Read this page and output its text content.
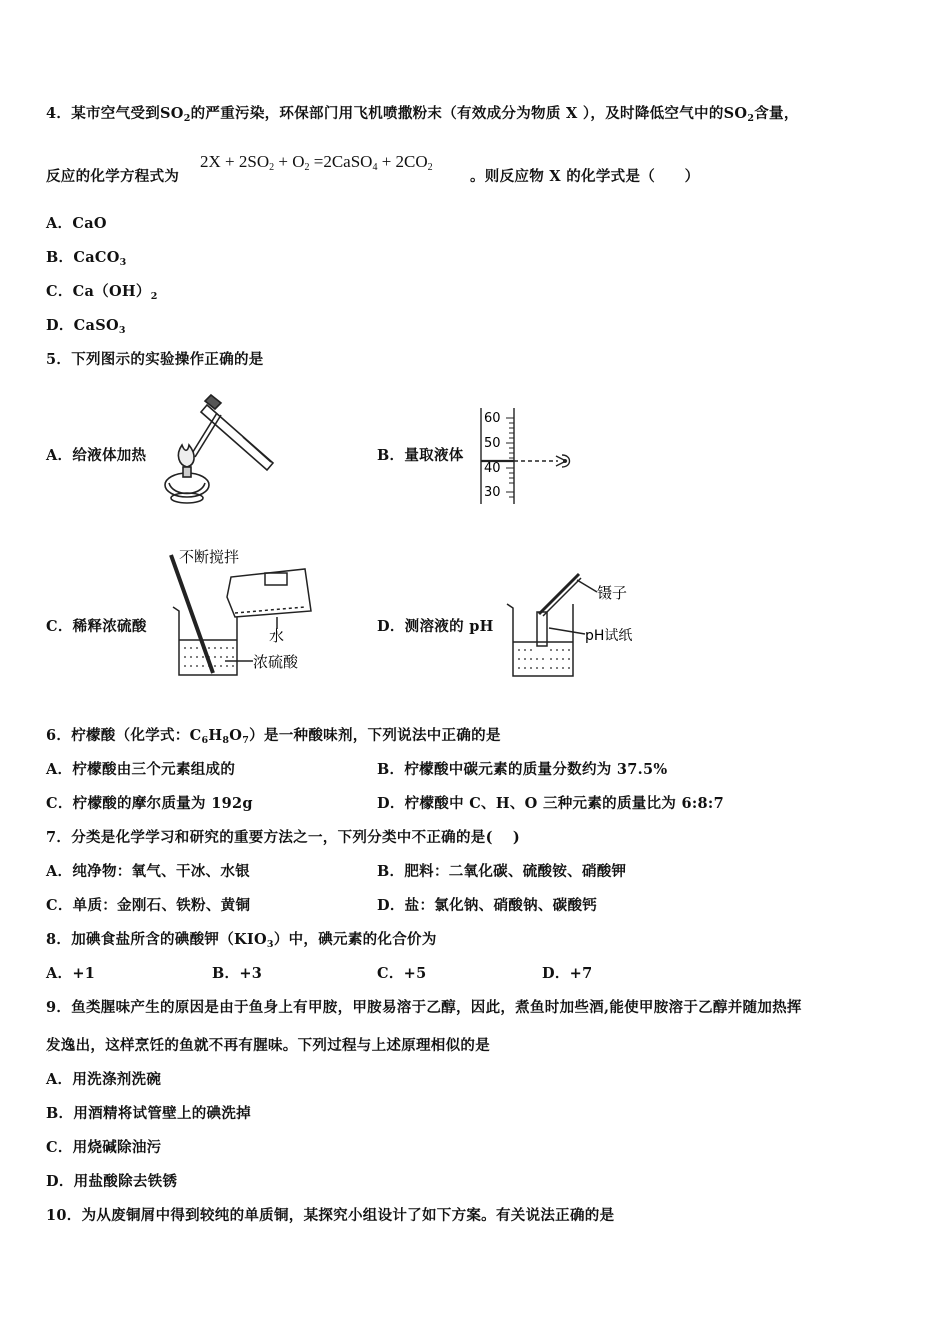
4．某市空气受到$SO_2$的严重污染，环保部门用飞机喷撒粉末（有效成分为物质 X ），及时降低空气中的$SO_2$含量，
反应的化学方程式为
$2X + 2SO_2 + O_2$ =2CaSO$_4$ + $2CO_2$
。则反应物 X 的化学式是（　　）
A．CaO
B．CaCO$_3$
C．$Ca(OH)_2$
D．CaSO$_3$
5．下列图示的实验操作正确的是
A．给液体加热	B．量取液体
C．稀释浓硫酸	D．测溶液的 pH
60
50
40
30
不断搅拌
水
浓硫酸
镊子
pH试纸
6．柠檬酸（化学式：$C_6H_8O_7$）是一种酸味剂，下列说法中正确的是
A．柠檬酸由三个元素组成的	B．柠檬酸中碳元素的质量分数约为 37.5%
C．柠檬酸的摩尔质量为 192g	D．柠檬酸中 C、H、O 三种元素的质量比为 6:8:7
7．分类是化学学习和研究的重要方法之一，下列分类中不正确的是(　 )
A．纯净物：氧气、干冰、水银	B．肥料：二氧化碳、硫酸铵、硝酸钾
C．单质：金刚石、铁粉、黄铜	D．盐：氯化钠、硝酸钠、碳酸钙
8．加碘食盐所含的碘酸钾$(KIO_3)$中，碘元素的化合价为
A．+1	B．+3	C．+5	D．+7
9．鱼类腥味产生的原因是由于鱼身上有甲胺，甲胺易溶于乙醇，因此，煮鱼时加些酒,能使甲胺溶于乙醇并随加热挥
发逸出，这样烹饪的鱼就不再有腥味。下列过程与上述原理相似的是
A．用洗涤剂洗碗
B．用酒精将试管壁上的碘洗掉
C．用烧碱除油污
D．用盐酸除去铁锈
10．为从废铜屑中得到较纯的单质铜，某探究小组设计了如下方案。有关说法正确的是
